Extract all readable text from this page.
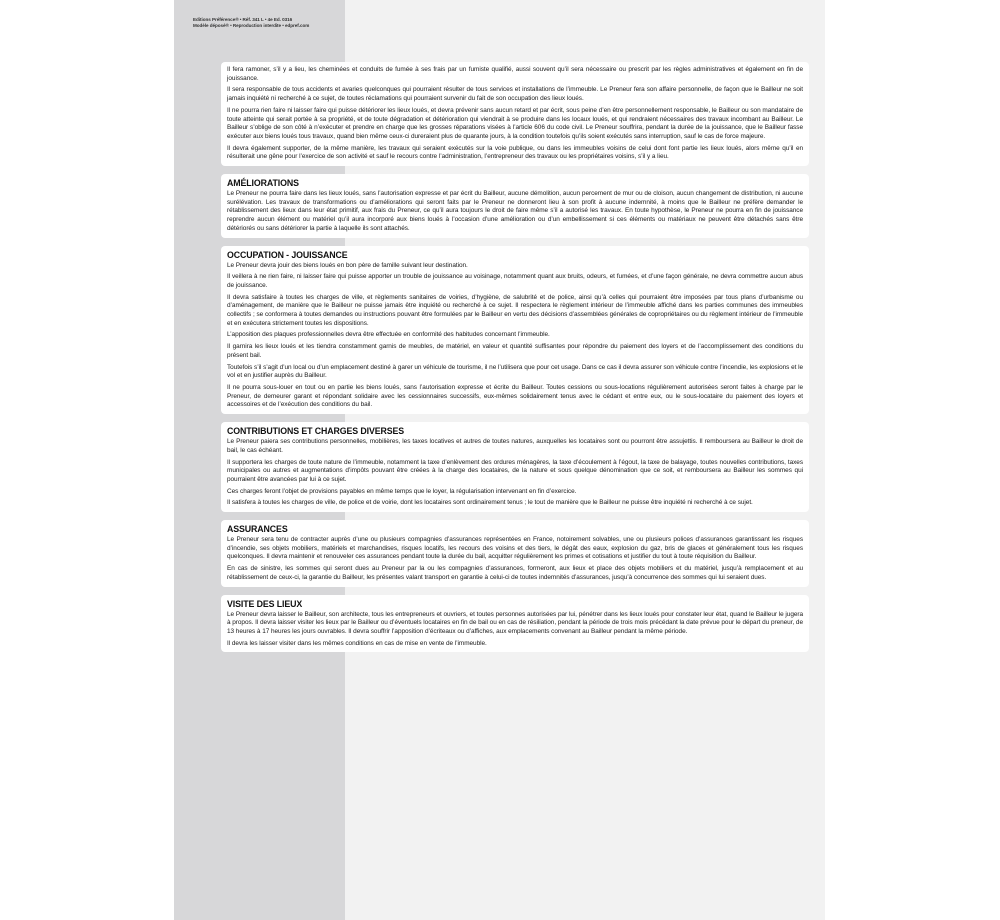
Editions Préférence® • Réf. 341 L • 4e Ed. 0316
Modèle déposé® • Reproduction interdite • edpref.com
Il fera ramoner, s’il y a lieu, les cheminées et conduits de fumée à ses frais par un fumiste qualifié, aussi souvent qu’il sera nécessaire ou prescrit par les règles administratives et également en fin de jouissance.
Il sera responsable de tous accidents et avaries quelconques qui pourraient résulter de tous services et installations de l’immeuble. Le Preneur fera son affaire personnelle, de façon que le Bailleur ne soit jamais inquiété ni recherché à ce sujet, de toutes réclamations qui pourraient survenir du fait de son occupation des lieux loués.
Il ne pourra rien faire ni laisser faire qui puisse détériorer les lieux loués, et devra prévenir sans aucun retard et par écrit, sous peine d’en être personnellement responsable, le Bailleur ou son mandataire de toute atteinte qui serait portée à sa propriété, et de toute dégradation et détérioration qui viendrait à se produire dans les locaux loués, et qui rendraient nécessaires des travaux incombant au Bailleur. Le Bailleur s’oblige de son côté à n’exécuter et prendre en charge que les grosses réparations visées à l’article 606 du code civil. Le Preneur souffrira, pendant la durée de la jouissance, que le Bailleur fasse exécuter aux biens loués tous travaux, quand bien même ceux-ci dureraient plus de quarante jours, à la condition toutefois qu’ils soient exécutés sans interruption, sauf le cas de force majeure.
Il devra également supporter, de la même manière, les travaux qui seraient exécutés sur la voie publique, ou dans les immeubles voisins de celui dont font partie les lieux loués, alors même qu’il en résulterait une gêne pour l’exercice de son activité et sauf le recours contre l’administration, l’entrepreneur des travaux ou les propriétaires voisins, s’il y a lieu.
AMÉLIORATIONS
Le Preneur ne pourra faire dans les lieux loués, sans l’autorisation expresse et par écrit du Bailleur, aucune démolition, aucun percement de mur ou de cloison, aucun changement de distribution, ni aucune surélévation. Les travaux de transformations ou d’améliorations qui seront faits par le Preneur ne donneront lieu à son profit à aucune indemnité, à moins que le Bailleur ne préfère demander le rétablissement des lieux dans leur état primitif, aux frais du Preneur, ce qu’il aura toujours le droit de faire même s’il a autorisé les travaux. En toute hypothèse, le Preneur ne pourra en fin de jouissance reprendre aucun élément ou matériel qu’il aura incorporé aux biens loués à l’occasion d’une amélioration ou d’un embellissement si ces éléments ou matériaux ne peuvent être détachés sans être détériorés ou sans détériorer la partie à laquelle ils sont attachés.
OCCUPATION - JOUISSANCE
Le Preneur devra jouir des biens loués en bon père de famille suivant leur destination.
Il veillera à ne rien faire, ni laisser faire qui puisse apporter un trouble de jouissance au voisinage, notamment quant aux bruits, odeurs, et fumées, et d’une façon générale, ne devra commettre aucun abus de jouissance.
Il devra satisfaire à toutes les charges de ville, et règlements sanitaires de voiries, d’hygiène, de salubrité et de police, ainsi qu’à celles qui pourraient être imposées par tous plans d’urbanisme ou d’aménagement, de manière que le Bailleur ne puisse jamais être inquiété ou recherché à ce sujet. Il respectera le règlement intérieur de l’immeuble affiché dans les parties communes des immeubles collectifs ; se conformera à toutes demandes ou instructions pouvant être formulées par le Bailleur en vertu des décisions d’assemblées générales de copropriétaires ou du règlement intérieur de l’immeuble et en exécutera strictement toutes les dispositions.
L’apposition des plaques professionnelles devra être effectuée en conformité des habitudes concernant l’immeuble.
Il garnira les lieux loués et les tiendra constamment garnis de meubles, de matériel, en valeur et quantité suffisantes pour répondre du paiement des loyers et de l’accomplissement des conditions du présent bail.
Toutefois s’il s’agit d’un local ou d’un emplacement destiné à garer un véhicule de tourisme, il ne l’utilisera que pour cet usage. Dans ce cas il devra assurer son véhicule contre l’incendie, les explosions et le vol et en justifier auprès du Bailleur.
Il ne pourra sous-louer en tout ou en partie les biens loués, sans l’autorisation expresse et écrite du Bailleur. Toutes cessions ou sous-locations régulièrement autorisées seront faites à charge par le Preneur, de demeurer garant et répondant solidaire avec les cessionnaires successifs, eux-mêmes solidairement tenus avec le cédant et entre eux, ou le sous-locataire du paiement des loyers et accessoires et de l’exécution des conditions du bail.
CONTRIBUTIONS ET CHARGES DIVERSES
Le Preneur paiera ses contributions personnelles, mobilières, les taxes locatives et autres de toutes natures, auxquelles les locataires sont ou pourront être assujettis. Il remboursera au Bailleur le droit de bail, le cas échéant.
Il supportera les charges de toute nature de l’immeuble, notamment la taxe d’enlèvement des ordures ménagères, la taxe d’écoulement à l’égout, la taxe de balayage, toutes nouvelles contributions, taxes municipales ou autres et augmentations d’impôts pouvant être créées à la charge des locataires, de la nature et sous quelque dénomination que ce soit, et remboursera au Bailleur les sommes qui pourraient être avancées par lui à ce sujet.
Ces charges feront l’objet de provisions payables en même temps que le loyer, la régularisation intervenant en fin d’exercice.
Il satisfera à toutes les charges de ville, de police et de voirie, dont les locataires sont ordinairement tenus ; le tout de manière que le Bailleur ne puisse être inquiété ni recherché à ce sujet.
ASSURANCES
Le Preneur sera tenu de contracter auprès d’une ou plusieurs compagnies d’assurances représentées en France, notoirement solvables, une ou plusieurs polices d’assurances garantissant les risques d’incendie, ses objets mobiliers, matériels et marchandises, risques locatifs, les recours des voisins et des tiers, le dégât des eaux, explosion du gaz, bris de glaces et généralement tous les risques quelconques. Il devra maintenir et renouveler ces assurances pendant toute la durée du bail, acquitter régulièrement les primes et cotisations et justifier du tout à toute réquisition du Bailleur.
En cas de sinistre, les sommes qui seront dues au Preneur par la ou les compagnies d’assurances, formeront, aux lieux et place des objets mobiliers et du matériel, jusqu’à remplacement et au rétablissement de ceux-ci, la garantie du Bailleur, les présentes valant transport en garantie à celui-ci de toutes indemnités d’assurances, jusqu’à concurrence des sommes qui lui seraient dues.
VISITE DES LIEUX
Le Preneur devra laisser le Bailleur, son architecte, tous les entrepreneurs et ouvriers, et toutes personnes autorisées par lui, pénétrer dans les lieux loués pour constater leur état, quand le Bailleur le jugera à propos. Il devra laisser visiter les lieux par le Bailleur ou d’éventuels locataires en fin de bail ou en cas de résiliation, pendant la période de trois mois précédant la date prévue pour le départ du preneur, de 13 heures à 17 heures les jours ouvrables. Il devra souffrir l’apposition d’écriteaux ou d’affiches, aux emplacements convenant au Bailleur pendant la même période.
Il devra les laisser visiter dans les mêmes conditions en cas de mise en vente de l’immeuble.
